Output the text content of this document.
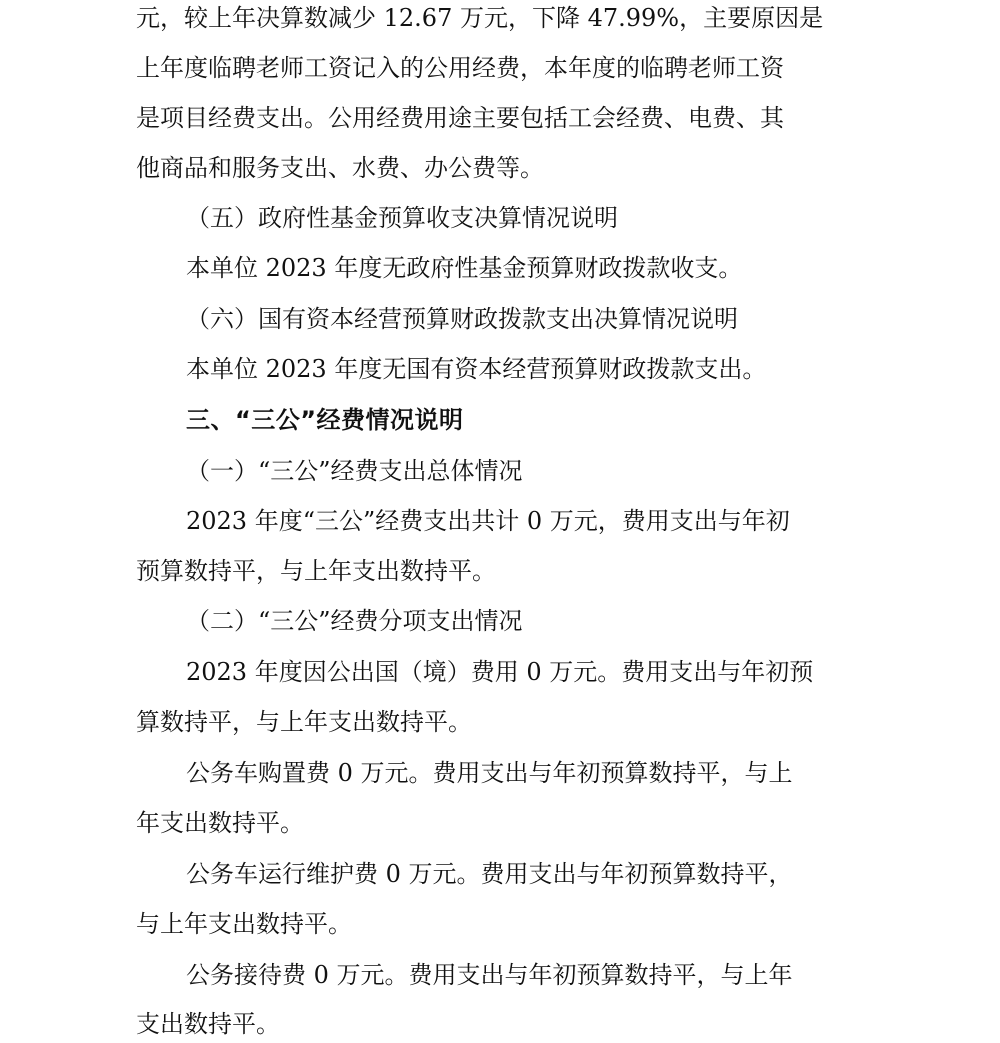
元，较上年决算数减少 12.67 万元，下降 47.99%，主要原因是
上年度临聘老师工资记入的公用经费，本年度的临聘老师工资
是项目经费支出。公用经费用途主要包括工会经费、电费、其
他商品和服务支出、水费、办公费等。
（五）政府性基金预算收支决算情况说明
本单位 2023 年度无政府性基金预算财政拨款收支。
（六）国有资本经营预算财政拨款支出决算情况说明
本单位 2023 年度无国有资本经营预算财政拨款支出。
三、“三公”经费情况说明
（一）“三公”经费支出总体情况
2023 年度“三公”经费支出共计 0 万元，费用支出与年初
预算数持平，与上年支出数持平。
（二）“三公”经费分项支出情况
2023 年度因公出国（境）费用 0 万元。费用支出与年初预
算数持平，与上年支出数持平。
公务车购置费 0 万元。费用支出与年初预算数持平，与上
年支出数持平。
公务车运行维护费 0 万元。费用支出与年初预算数持平，
与上年支出数持平。
公务接待费 0 万元。费用支出与年初预算数持平，与上年
支出数持平。
